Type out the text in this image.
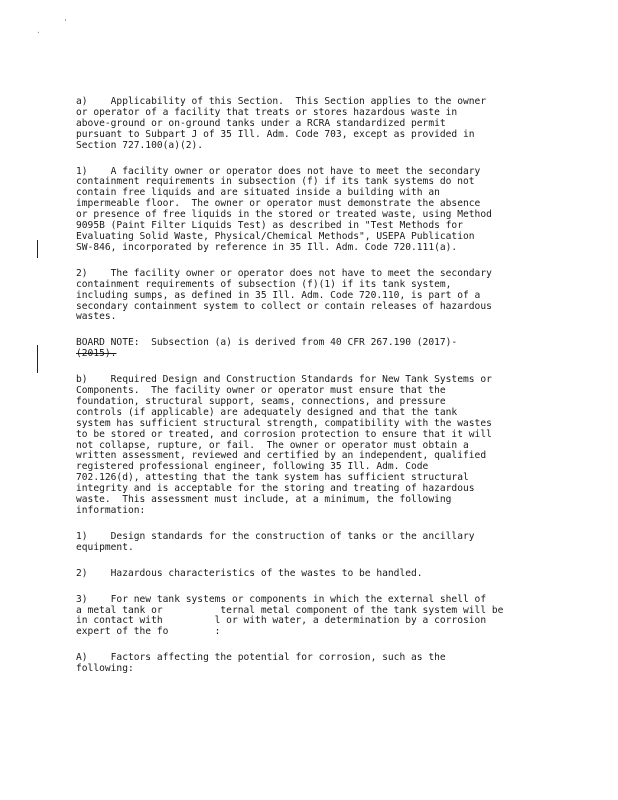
.
'
a)    Applicability of this Section.  This Section applies to the owner
or operator of a facility that treats or stores hazardous waste in
above-ground or on-ground tanks under a RCRA standardized permit
pursuant to Subpart J of 35 Ill. Adm. Code 703, except as provided in
Section 727.100(a)(2).
1)    A facility owner or operator does not have to meet the secondary
containment requirements in subsection (f) if its tank systems do not
contain free liquids and are situated inside a building with an
impermeable floor.  The owner or operator must demonstrate the absence
or presence of free liquids in the stored or treated waste, using Method
9095B (Paint Filter Liquids Test) as described in "Test Methods for
Evaluating Solid Waste, Physical/Chemical Methods", USEPA Publication
SW-846, incorporated by reference in 35 Ill. Adm. Code 720.111(a).
2)    The facility owner or operator does not have to meet the secondary
containment requirements of subsection (f)(1) if its tank system,
including sumps, as defined in 35 Ill. Adm. Code 720.110, is part of a
secondary containment system to collect or contain releases of hazardous
wastes.
BOARD NOTE:  Subsection (a) is derived from 40 CFR 267.190 (2017)-
(2015).
b)    Required Design and Construction Standards for New Tank Systems or
Components.  The facility owner or operator must ensure that the
foundation, structural support, seams, connections, and pressure
controls (if applicable) are adequately designed and that the tank
system has sufficient structural strength, compatibility with the wastes
to be stored or treated, and corrosion protection to ensure that it will
not collapse, rupture, or fail.  The owner or operator must obtain a
written assessment, reviewed and certified by an independent, qualified
registered professional engineer, following 35 Ill. Adm. Code
702.126(d), attesting that the tank system has sufficient structural
integrity and is acceptable for the storing and treating of hazardous
waste.  This assessment must include, at a minimum, the following
information:
1)    Design standards for the construction of tanks or the ancillary
equipment.
2)    Hazardous characteristics of the wastes to be handled.
3)    For new tank systems or components in which the external shell of
a metal tank or          ternal metal component of the tank system will be
in contact with         l or with water, a determination by a corrosion
expert of the fo        :
A)    Factors affecting the potential for corrosion, such as the
following:
